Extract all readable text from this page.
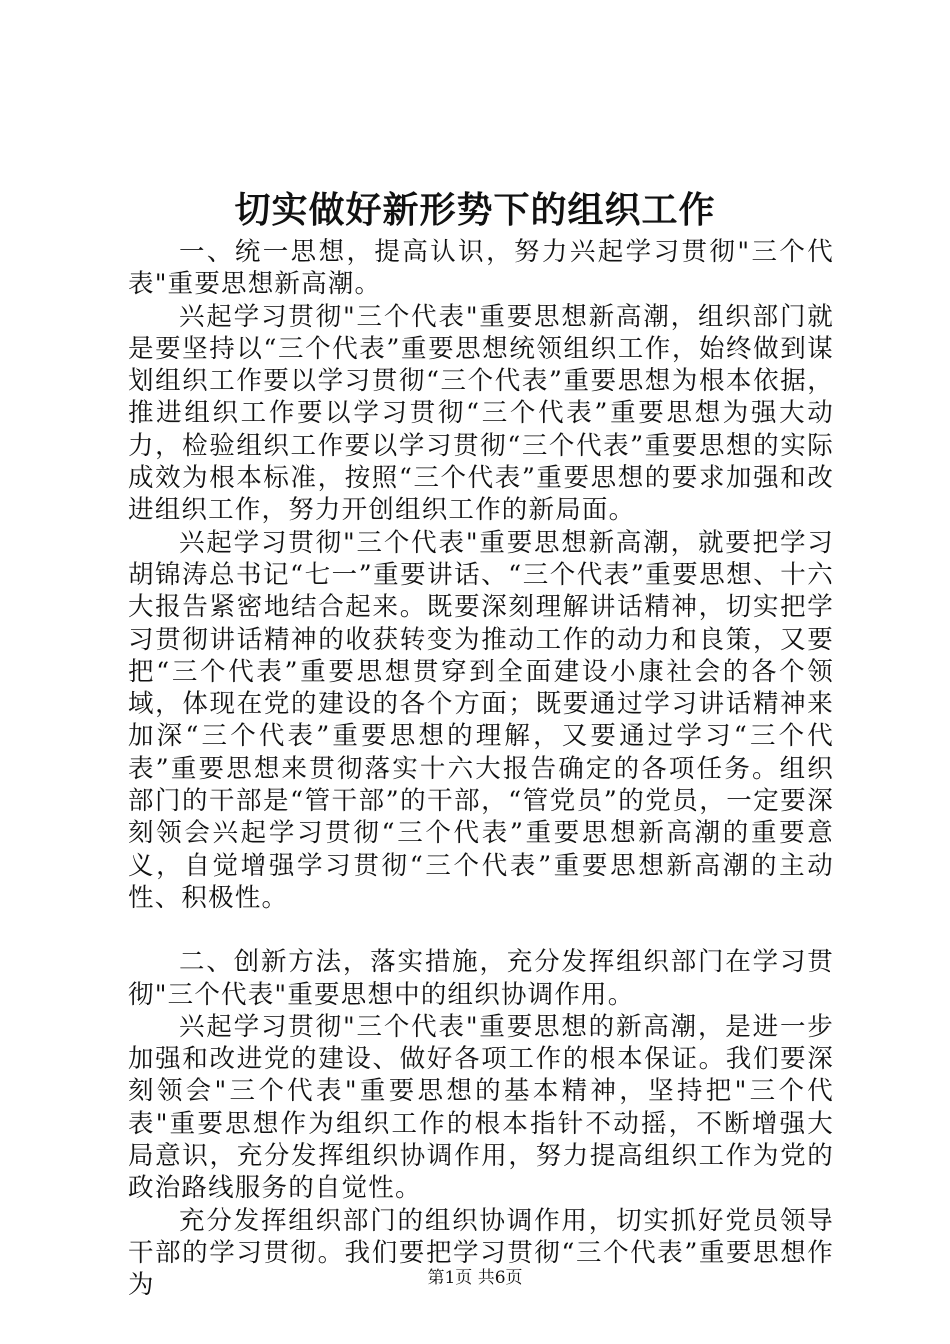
切实做好新形势下的组织工作

一、统一思想，提高认识，努力兴起学习贯彻"三个代表"重要思想新高潮。

兴起学习贯彻"三个代表"重要思想新高潮，组织部门就是要坚持以“三个代表”重要思想统领组织工作，始终做到谋划组织工作要以学习贯彻“三个代表”重要思想为根本依据，推进组织工作要以学习贯彻“三个代表”重要思想为强大动力，检验组织工作要以学习贯彻“三个代表”重要思想的实际成效为根本标准，按照“三个代表”重要思想的要求加强和改进组织工作，努力开创组织工作的新局面。

兴起学习贯彻"三个代表"重要思想新高潮，就要把学习胡锦涛总书记“七一”重要讲话、“三个代表”重要思想、十六大报告紧密地结合起来。既要深刻理解讲话精神，切实把学习贯彻讲话精神的收获转变为推动工作的动力和良策，又要把“三个代表”重要思想贯穿到全面建设小康社会的各个领域，体现在党的建设的各个方面；既要通过学习讲话精神来加深“三个代表”重要思想的理解，又要通过学习“三个代表”重要思想来贯彻落实十六大报告确定的各项任务。组织部门的干部是“管干部”的干部，“管党员”的党员，一定要深刻领会兴起学习贯彻“三个代表”重要思想新高潮的重要意义，自觉增强学习贯彻“三个代表”重要思想新高潮的主动性、积极性。

二、创新方法，落实措施，充分发挥组织部门在学习贯彻"三个代表"重要思想中的组织协调作用。

兴起学习贯彻"三个代表"重要思想的新高潮，是进一步加强和改进党的建设、做好各项工作的根本保证。我们要深刻领会"三个代表"重要思想的基本精神，坚持把"三个代表"重要思想作为组织工作的根本指针不动摇，不断增强大局意识，充分发挥组织协调作用，努力提高组织工作为党的政治路线服务的自觉性。

充分发挥组织部门的组织协调作用，切实抓好党员领导干部的学习贯彻。我们要把学习贯彻“三个代表”重要思想作为	第1页 共6页
